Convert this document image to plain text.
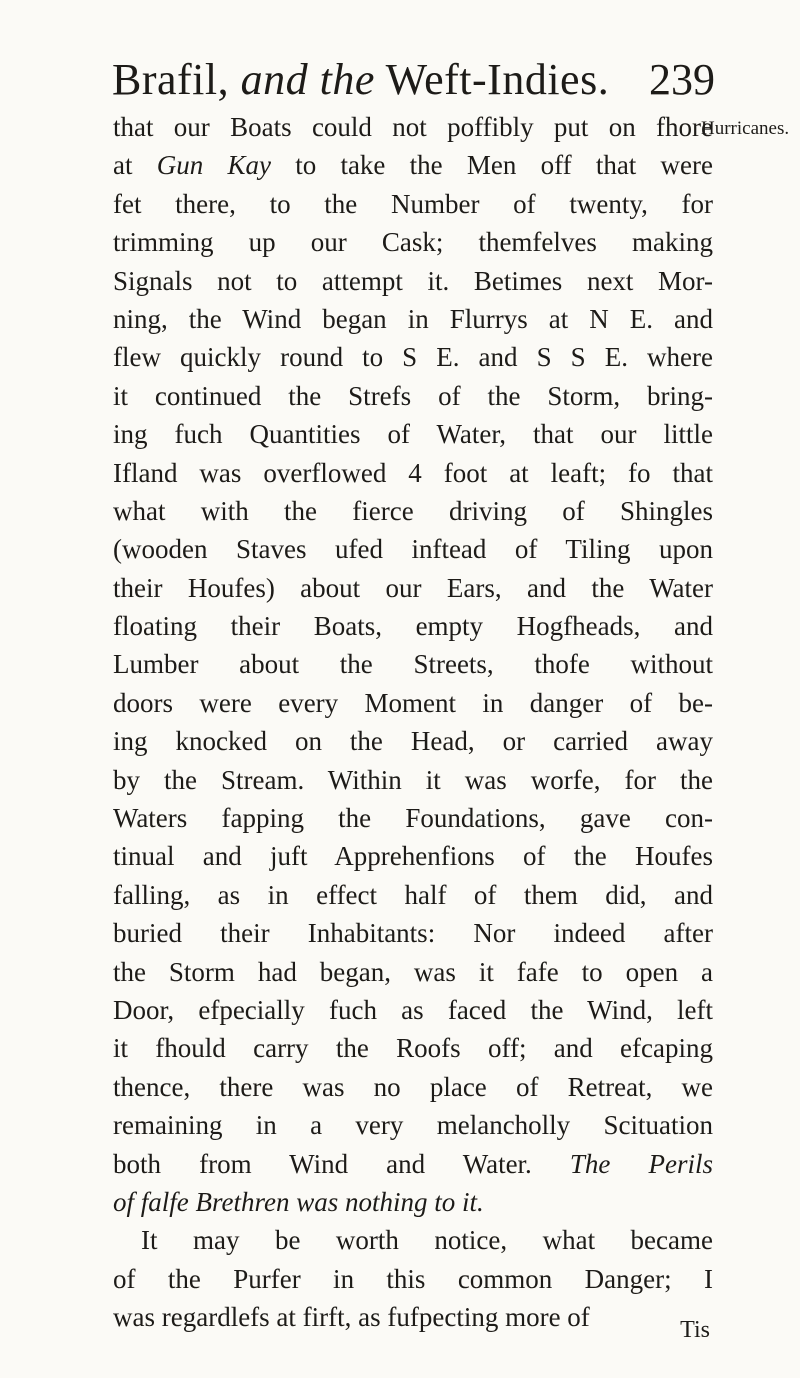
Brafil, and the Weft-Indies. 239
Hurricanes.
that our Boats could not poffibly put on fhore
at Gun Kay to take the Men off that were
fet there, to the Number of twenty, for
trimming up our Cask; themfelves making
Signals not to attempt it. Betimes next Mor-
ning, the Wind began in Flurrys at N E. and
flew quickly round to S E. and S S E. where
it continued the Strefs of the Storm, bring-
ing fuch Quantities of Water, that our little
Ifland was overflowed 4 foot at leaft; fo that
what with the fierce driving of Shingles
(wooden Staves ufed inftead of Tiling upon
their Houfes) about our Ears, and the Water
floating their Boats, empty Hogfheads, and
Lumber about the Streets, thofe without
doors were every Moment in danger of be-
ing knocked on the Head, or carried away
by the Stream. Within it was worfe, for the
Waters fapping the Foundations, gave con-
tinual and juft Apprehenfions of the Houfes
falling, as in effect half of them did, and
buried their Inhabitants: Nor indeed after
the Storm had began, was it fafe to open a
Door, efpecially fuch as faced the Wind, left
it fhould carry the Roofs off; and efcaping
thence, there was no place of Retreat, we
remaining in a very melancholly Scituation
both from Wind and Water. The Perils
of falfe Brethren was nothing to it.
It may be worth notice, what became
of the Purfer in this common Danger; I
was regardlefs at firft, as fufpecting more of	Tis
